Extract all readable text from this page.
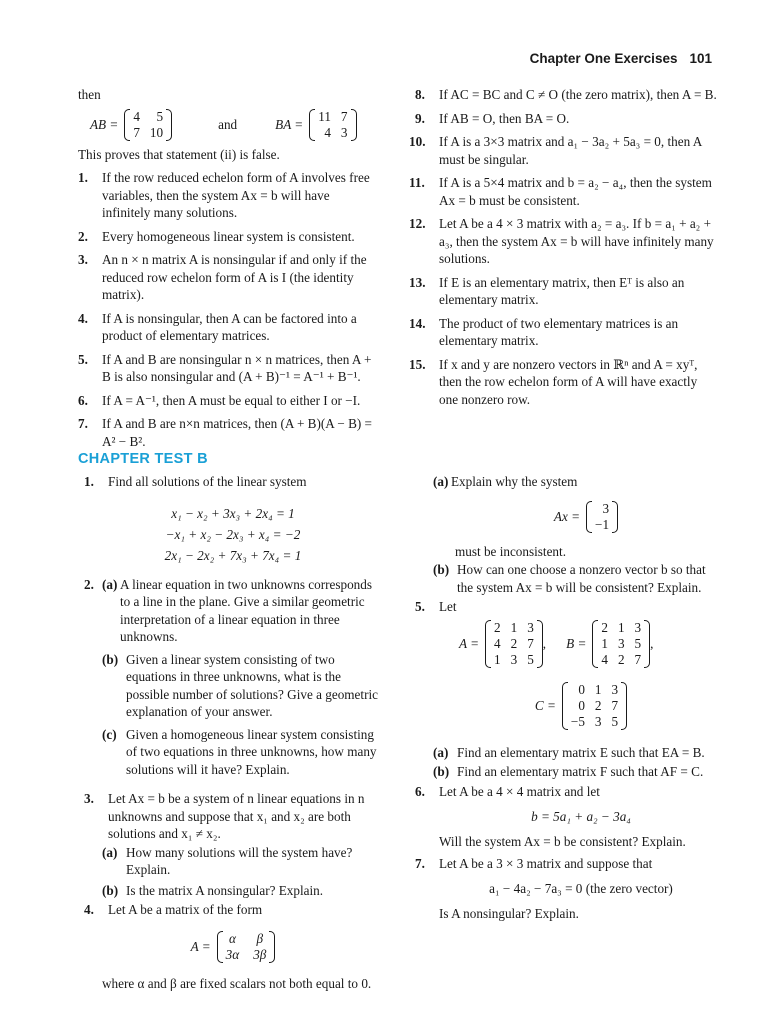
Chapter One Exercises 101
then
AB =
4	5
7 10
and	BA =
11 7
4 3
This proves that statement (ii) is false.
1. If the row reduced echelon form of A involves free variables, then the system Ax = b will have infinitely many solutions.
2. Every homogeneous linear system is consistent.
3. An n × n matrix A is nonsingular if and only if the reduced row echelon form of A is I (the identity matrix).
4. If A is nonsingular, then A can be factored into a product of elementary matrices.
5. If A and B are nonsingular n × n matrices, then A + B is also nonsingular and (A + B)⁻¹ = A⁻¹ + B⁻¹.
6. If A = A⁻¹, then A must be equal to either I or −I.
7. If A and B are n×n matrices, then (A + B)(A − B) = A² − B².
8. If AC = BC and C ≠ O (the zero matrix), then A = B.
9. If AB = O, then BA = O.
10. If A is a 3×3 matrix and a₁ − 3a₂ + 5a₃ = 0, then A must be singular.
11. If A is a 5×4 matrix and b = a₂ − a₄, then the system Ax = b must be consistent.
12. Let A be a 4 × 3 matrix with a₂ = a₃. If b = a₁ + a₂ + a₃, then the system Ax = b will have infinitely many solutions.
13. If E is an elementary matrix, then Eᵀ is also an elementary matrix.
14. The product of two elementary matrices is an elementary matrix.
15. If x and y are nonzero vectors in ℝⁿ and A = xyᵀ, then the row echelon form of A will have exactly one nonzero row.
CHAPTER TEST B
1. Find all solutions of the linear system
x₁ − x₂ + 3x₃ + 2x₄ = 1
−x₁ + x₂ − 2x₃ + x₄ = −2
2x₁ − 2x₂ + 7x₃ + 7x₄ = 1
2. (a) A linear equation in two unknowns corresponds to a line in the plane. Give a similar geometric interpretation of a linear equation in three unknowns.
(b) Given a linear system consisting of two equations in three unknowns, what is the possible number of solutions? Give a geometric explanation of your answer.
(c) Given a homogeneous linear system consisting of two equations in three unknowns, how many solutions will it have? Explain.
3. Let Ax = b be a system of n linear equations in n unknowns and suppose that x₁ and x₂ are both solutions and x₁ ≠ x₂.
(a) How many solutions will the system have? Explain.
(b) Is the matrix A nonsingular? Explain.
4. Let A be a matrix of the form
A =
α β
3α 3β
where α and β are fixed scalars not both equal to 0.
(a) Explain why the system
Ax =
3
−1
must be inconsistent.
(b) How can one choose a nonzero vector b so that the system Ax = b will be consistent? Explain.
5. Let
A =
2 1 3
4 2 7
1 3 5
, B =
2 1 3
1 3 5
4 2 7
,
C =
0 1 3
0 2 7
−5 3 5
(a) Find an elementary matrix E such that EA = B.
(b) Find an elementary matrix F such that AF = C.
6. Let A be a 4 × 4 matrix and let
b = 5a₁ + a₂ − 3a₄
Will the system Ax = b be consistent? Explain.
7. Let A be a 3 × 3 matrix and suppose that
a₁ − 4a₂ − 7a₃ = 0 (the zero vector)
Is A nonsingular? Explain.
